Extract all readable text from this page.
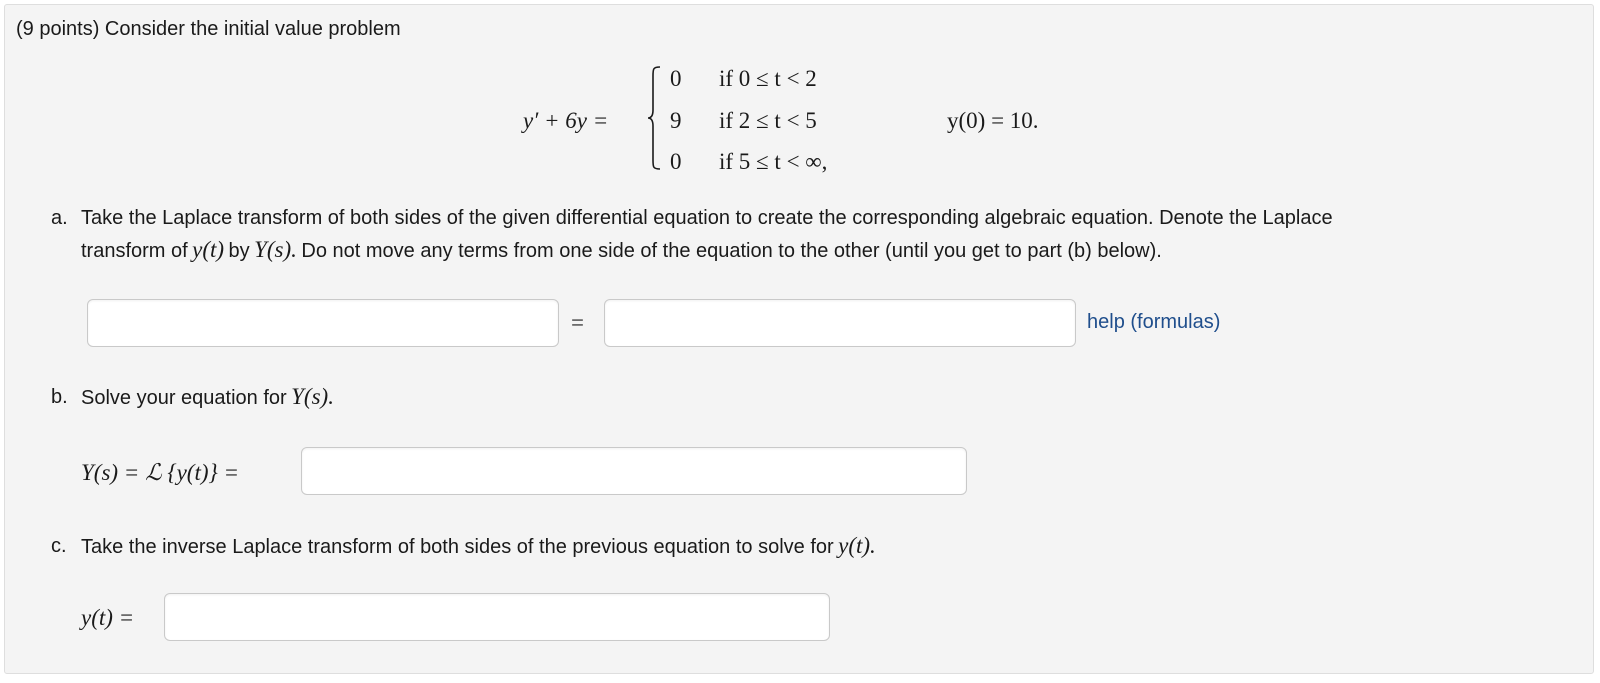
(9 points) Consider the initial value problem
y′ + 6y =
0 if 0 ≤ t < 2
9 if 2 ≤ t < 5
0 if 5 ≤ t < ∞,
y(0) = 10.
a. Take the Laplace transform of both sides of the given differential equation to create the corresponding algebraic equation. Denote the Laplace
transform of y(t) by Y(s). Do not move any terms from one side of the equation to the other (until you get to part (b) below).
=	help (formulas)
b. Solve your equation for Y(s).
Y(s) = ℒ {y(t)} =
c. Take the inverse Laplace transform of both sides of the previous equation to solve for y(t).
y(t) =
